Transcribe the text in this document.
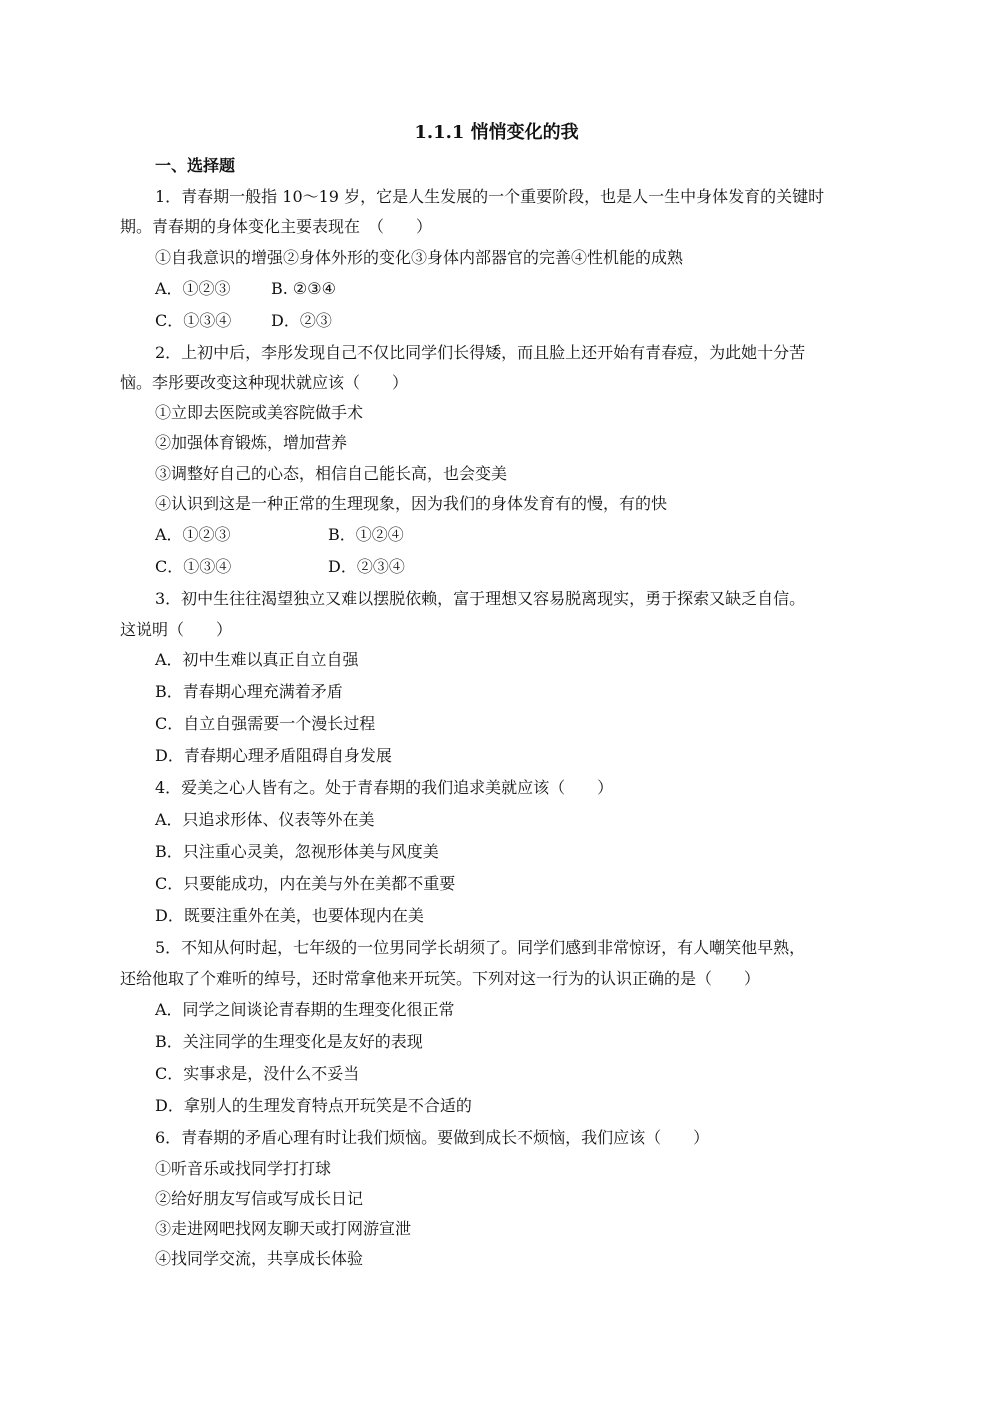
1.1.1 悄悄变化的我
一、选择题
1．青春期一般指 10～19 岁，它是人生发展的一个重要阶段，也是人一生中身体发育的关键时
期。青春期的身体变化主要表现在　（　　）
①自我意识的增强②身体外形的变化③身体内部器官的完善④性机能的成熟
A．①②③	B. ②③④
C．①③④ D．②③
2．上初中后，李彤发现自己不仅比同学们长得矮，而且脸上还开始有青春痘，为此她十分苦
恼。李彤要改变这种现状就应该（　　）
①立即去医院或美容院做手术
②加强体育锻炼，增加营养
③调整好自己的心态，相信自己能长高，也会变美
④认识到这是一种正常的生理现象，因为我们的身体发育有的慢，有的快
A．①②③	B．①②④
C．①③④	D．②③④
3．初中生往往渴望独立又难以摆脱依赖，富于理想又容易脱离现实，勇于探索又缺乏自信。
这说明（　　）
A．初中生难以真正自立自强
B．青春期心理充满着矛盾
C．自立自强需要一个漫长过程
D．青春期心理矛盾阻碍自身发展
4．爱美之心人皆有之。处于青春期的我们追求美就应该（　　）
A．只追求形体、仪表等外在美
B．只注重心灵美，忽视形体美与风度美
C．只要能成功，内在美与外在美都不重要
D．既要注重外在美，也要体现内在美
5．不知从何时起，七年级的一位男同学长胡须了。同学们感到非常惊讶，有人嘲笑他早熟，
还给他取了个难听的绰号，还时常拿他来开玩笑。下列对这一行为的认识正确的是（　　）
A．同学之间谈论青春期的生理变化很正常
B．关注同学的生理变化是友好的表现
C．实事求是，没什么不妥当
D．拿别人的生理发育特点开玩笑是不合适的
6．青春期的矛盾心理有时让我们烦恼。要做到成长不烦恼，我们应该（　　）
①听音乐或找同学打打球
②给好朋友写信或写成长日记
③走进网吧找网友聊天或打网游宣泄
④找同学交流，共享成长体验
